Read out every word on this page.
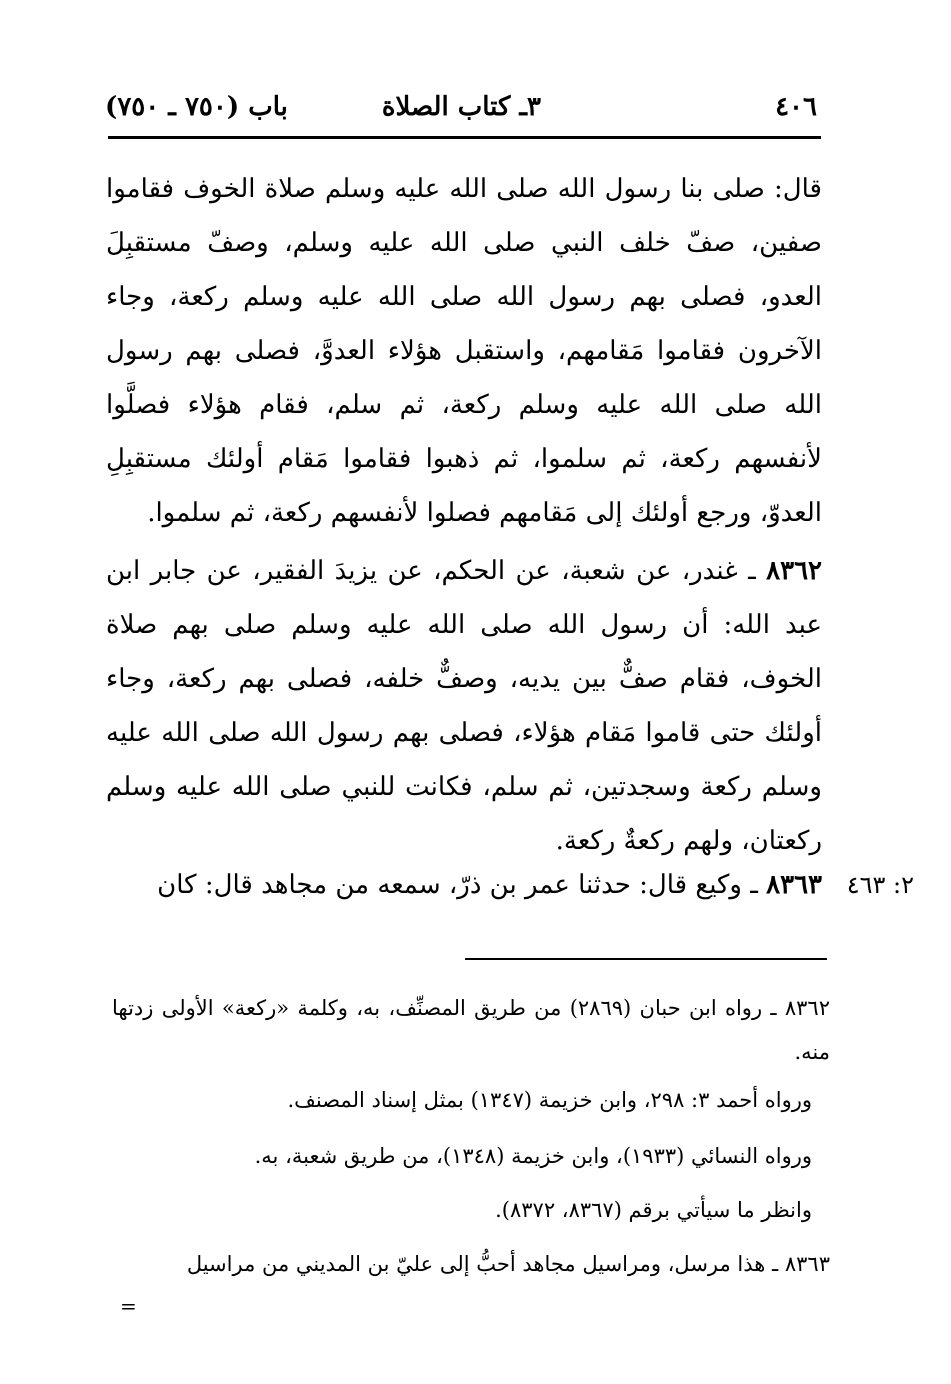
٤٠٦
٣ـ كتاب الصلاة
باب (٧٥٠ ـ ٧٥٠)
قال: صلى بنا رسول الله صلى الله عليه وسلم صلاة الخوف فقاموا صفين، صفّ خلف النبي صلى الله عليه وسلم، وصفّ مستقبِلَ العدو، فصلى بهم رسول الله صلى الله عليه وسلم ركعة، وجاء الآخرون فقاموا مَقامهم، واستقبل هؤلاء العدوَّ، فصلى بهم رسول الله صلى الله عليه وسلم ركعة، ثم سلم، فقام هؤلاء فصلَّوا لأنفسهم ركعة، ثم سلموا، ثم ذهبوا فقاموا مَقام أولئك مستقبِلِ العدوّ، ورجع أولئك إلى مَقامهم فصلوا لأنفسهم ركعة، ثم سلموا.
٨٣٦٢ ـ غندر، عن شعبة، عن الحكم، عن يزيدَ الفقير، عن جابر ابن عبد الله: أن رسول الله صلى الله عليه وسلم صلى بهم صلاة الخوف، فقام صفٌّ بين يديه، وصفٌّ خلفه، فصلى بهم ركعة، وجاء أولئك حتى قاموا مَقام هؤلاء، فصلى بهم رسول الله صلى الله عليه وسلم ركعة وسجدتين، ثم سلم، فكانت للنبي صلى الله عليه وسلم ركعتان، ولهم ركعةٌ ركعة.
٨٣٦٣ ـ وكيع قال: حدثنا عمر بن ذرّ، سمعه من مجاهد قال: كان	٢: ٤٦٣
٨٣٦٢ ـ رواه ابن حبان (٢٨٦٩) من طريق المصنِّف، به، وكلمة «ركعة» الأولى زدتها منه.
ورواه أحمد ٣: ٢٩٨، وابن خزيمة (١٣٤٧) بمثل إسناد المصنف.
ورواه النسائي (١٩٣٣)، وابن خزيمة (١٣٤٨)، من طريق شعبة، به.
وانظر ما سيأتي برقم (٨٣٦٧، ٨٣٧٢).
٨٣٦٣ ـ هذا مرسل، ومراسيل مجاهد أحبُّ إلى عليّ بن المديني من مراسيل
=
